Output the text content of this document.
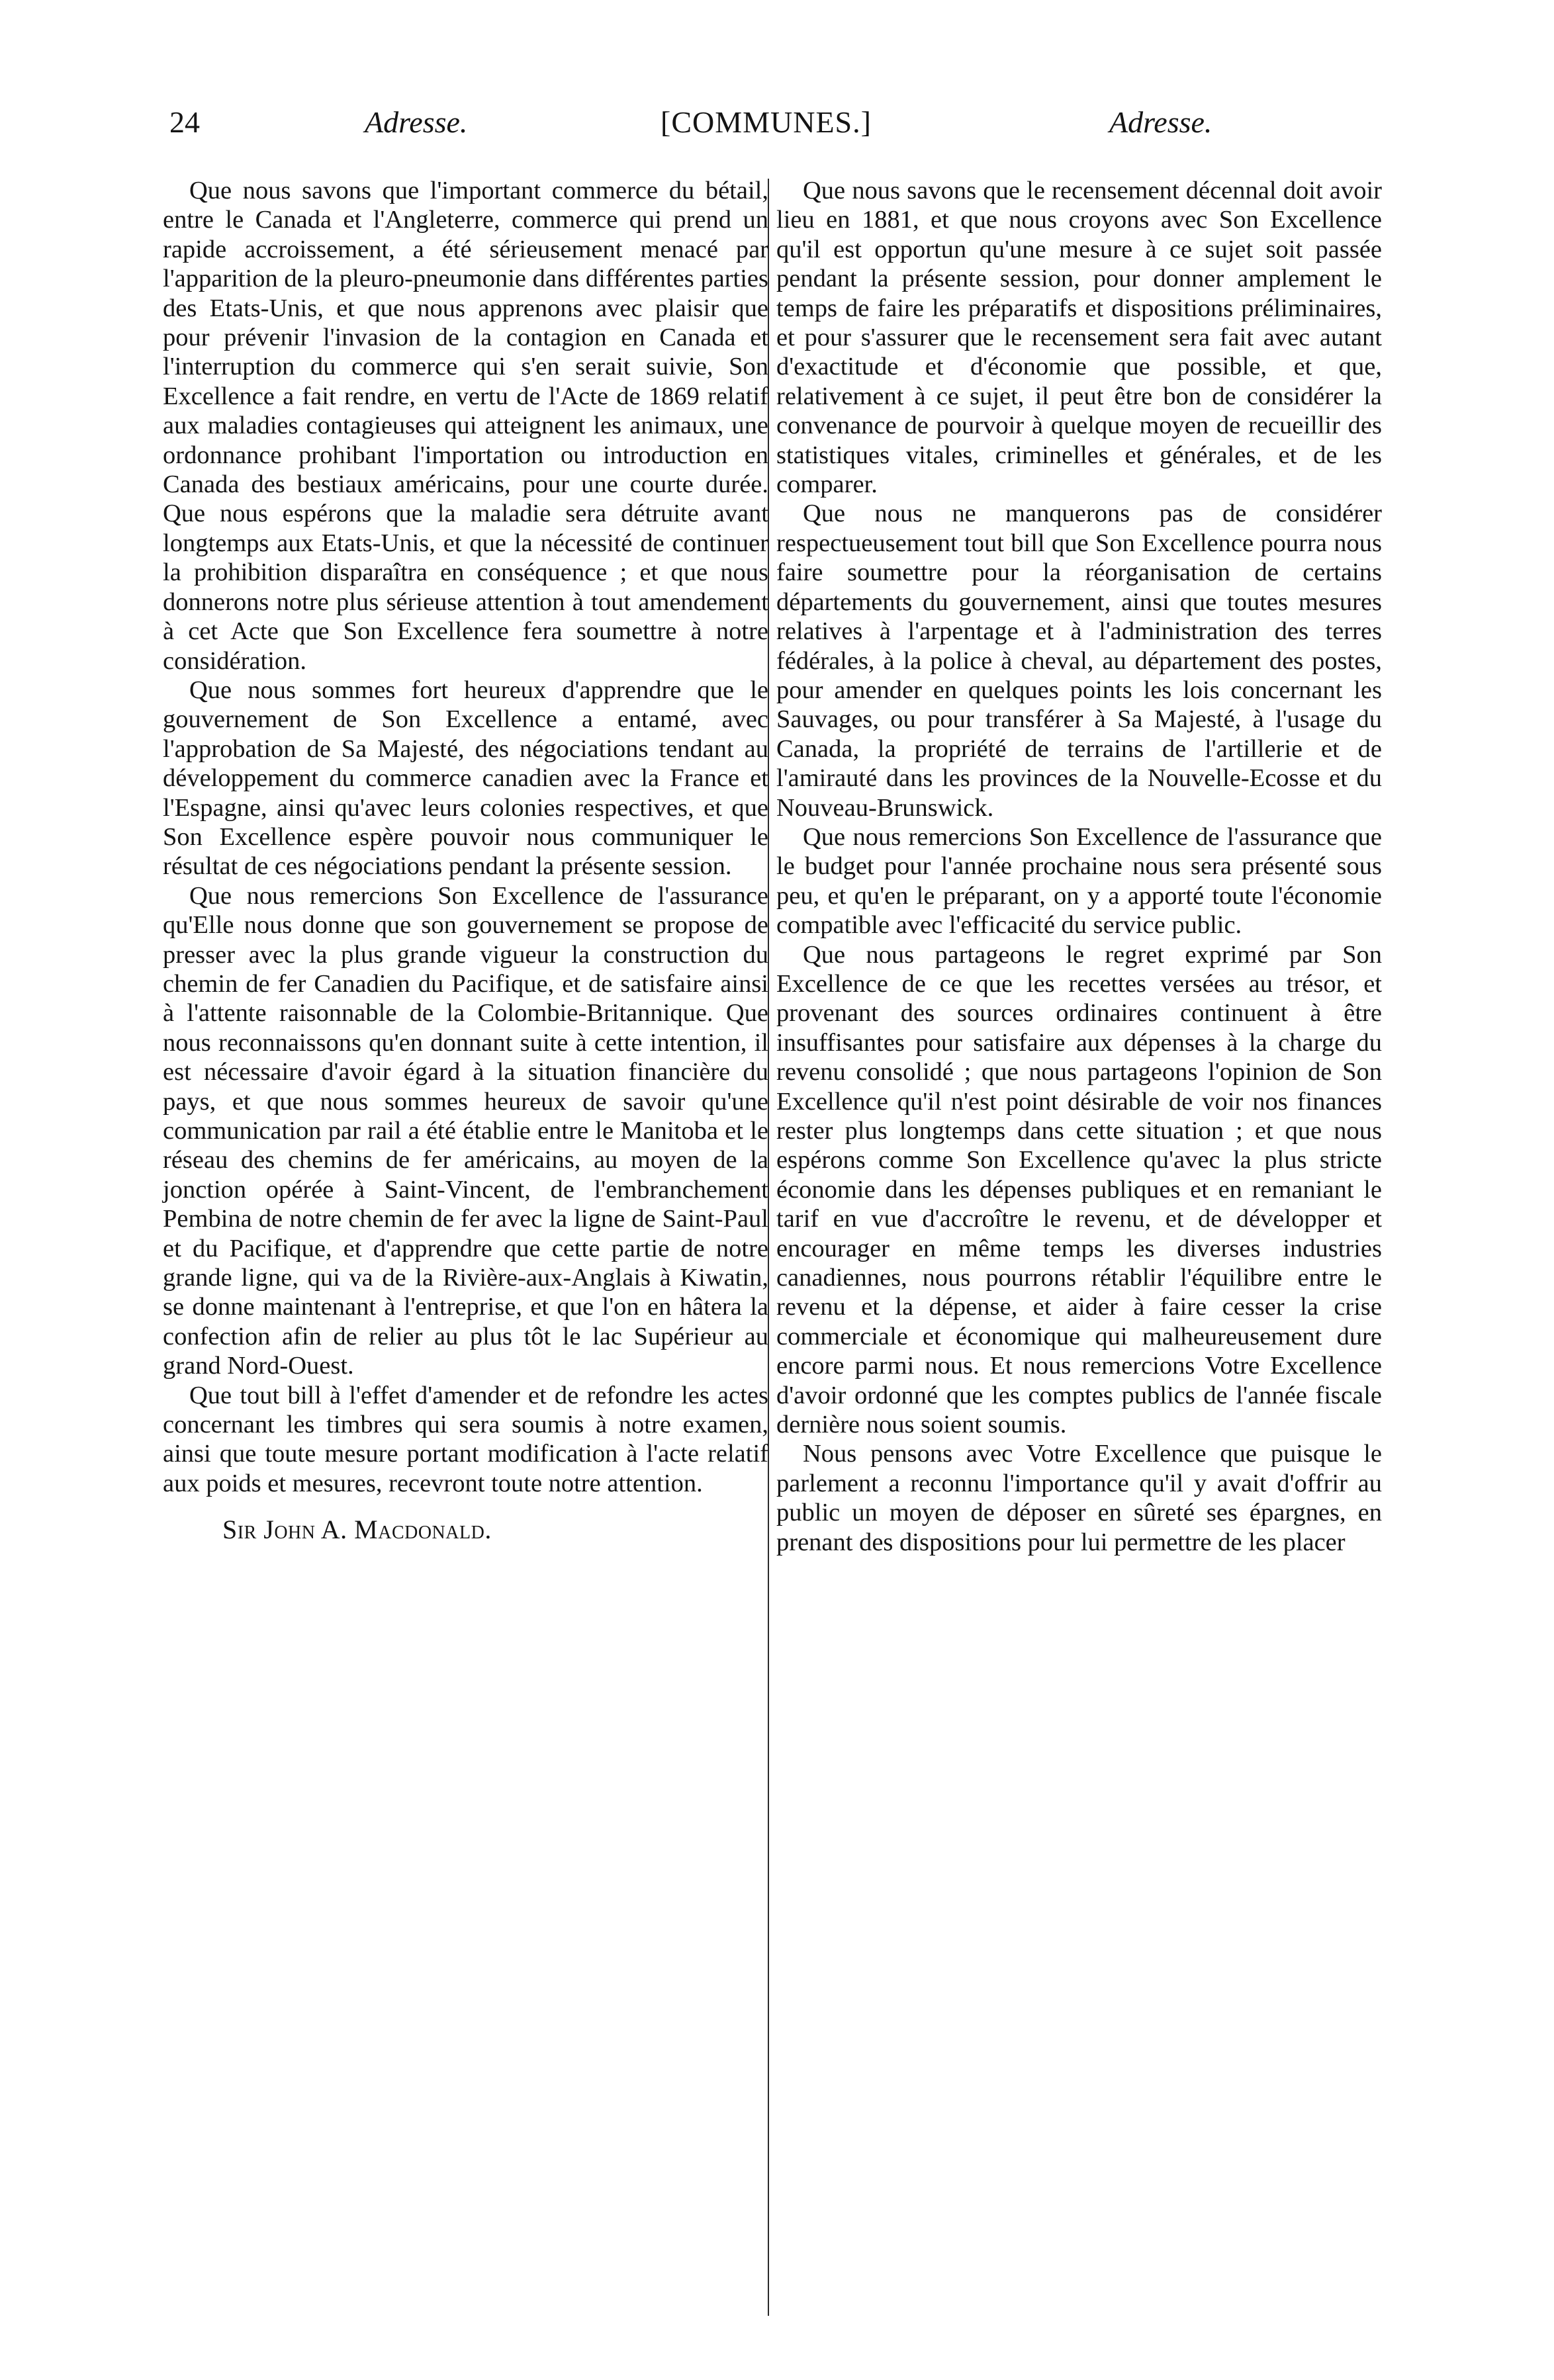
24	Adresse.	[COMMUNES.]	Adresse.

Que nous savons que l'important commerce du bétail, entre le Canada et l'Angleterre, commerce qui prend un rapide accroissement, a été sérieusement menacé par l'apparition de la pleuro-pneumonie dans différentes parties des Etats-Unis, et que nous apprenons avec plaisir que pour prévenir l'invasion de la contagion en Canada et l'interruption du commerce qui s'en serait suivie, Son Excellence a fait rendre, en vertu de l'Acte de 1869 relatif aux maladies contagieuses qui atteignent les animaux, une ordonnance prohibant l'importation ou introduction en Canada des bestiaux américains, pour une courte durée. Que nous espérons que la maladie sera détruite avant longtemps aux Etats-Unis, et que la nécessité de continuer la prohibition disparaîtra en conséquence ; et que nous donnerons notre plus sérieuse attention à tout amendement à cet Acte que Son Excellence fera soumettre à notre considération.

Que nous sommes fort heureux d'apprendre que le gouvernement de Son Excellence a entamé, avec l'approbation de Sa Majesté, des négociations tendant au développement du commerce canadien avec la France et l'Espagne, ainsi qu'avec leurs colonies respectives, et que Son Excellence espère pouvoir nous communiquer le résultat de ces négociations pendant la présente session.

Que nous remercions Son Excellence de l'assurance qu'Elle nous donne que son gouvernement se propose de presser avec la plus grande vigueur la construction du chemin de fer Canadien du Pacifique, et de satisfaire ainsi à l'attente raisonnable de la Colombie-Britannique. Que nous reconnaissons qu'en donnant suite à cette intention, il est nécessaire d'avoir égard à la situation financière du pays, et que nous sommes heureux de savoir qu'une communication par rail a été établie entre le Manitoba et le réseau des chemins de fer américains, au moyen de la jonction opérée à Saint-Vincent, de l'embranchement Pembina de notre chemin de fer avec la ligne de Saint-Paul et du Pacifique, et d'apprendre que cette partie de notre grande ligne, qui va de la Rivière-aux-Anglais à Kiwatin, se donne maintenant à l'entreprise, et que l'on en hâtera la confection afin de relier au plus tôt le lac Supérieur au grand Nord-Ouest.

Que tout bill à l'effet d'amender et de refondre les actes concernant les timbres qui sera soumis à notre examen, ainsi que toute mesure portant modification à l'acte relatif aux poids et mesures, recevront toute notre attention.

Sir John A. Macdonald.

Que nous savons que le recensement décennal doit avoir lieu en 1881, et que nous croyons avec Son Excellence qu'il est opportun qu'une mesure à ce sujet soit passée pendant la présente session, pour donner amplement le temps de faire les préparatifs et dispositions préliminaires, et pour s'assurer que le recensement sera fait avec autant d'exactitude et d'économie que possible, et que, relativement à ce sujet, il peut être bon de considérer la convenance de pourvoir à quelque moyen de recueillir des statistiques vitales, criminelles et générales, et de les comparer.

Que nous ne manquerons pas de considérer respectueusement tout bill que Son Excellence pourra nous faire soumettre pour la réorganisation de certains départements du gouvernement, ainsi que toutes mesures relatives à l'arpentage et à l'administration des terres fédérales, à la police à cheval, au département des postes, pour amender en quelques points les lois concernant les Sauvages, ou pour transférer à Sa Majesté, à l'usage du Canada, la propriété de terrains de l'artillerie et de l'amirauté dans les provinces de la Nouvelle-Ecosse et du Nouveau-Brunswick.

Que nous remercions Son Excellence de l'assurance que le budget pour l'année prochaine nous sera présenté sous peu, et qu'en le préparant, on y a apporté toute l'économie compatible avec l'efficacité du service public.

Que nous partageons le regret exprimé par Son Excellence de ce que les recettes versées au trésor, et provenant des sources ordinaires continuent à être insuffisantes pour satisfaire aux dépenses à la charge du revenu consolidé ; que nous partageons l'opinion de Son Excellence qu'il n'est point désirable de voir nos finances rester plus longtemps dans cette situation ; et que nous espérons comme Son Excellence qu'avec la plus stricte économie dans les dépenses publiques et en remaniant le tarif en vue d'accroître le revenu, et de développer et encourager en même temps les diverses industries canadiennes, nous pourrons rétablir l'équilibre entre le revenu et la dépense, et aider à faire cesser la crise commerciale et économique qui malheureusement dure encore parmi nous. Et nous remercions Votre Excellence d'avoir ordonné que les comptes publics de l'année fiscale dernière nous soient soumis.

Nous pensons avec Votre Excellence que puisque le parlement a reconnu l'importance qu'il y avait d'offrir au public un moyen de déposer en sûreté ses épargnes, en prenant des dispositions pour lui permettre de les placer
